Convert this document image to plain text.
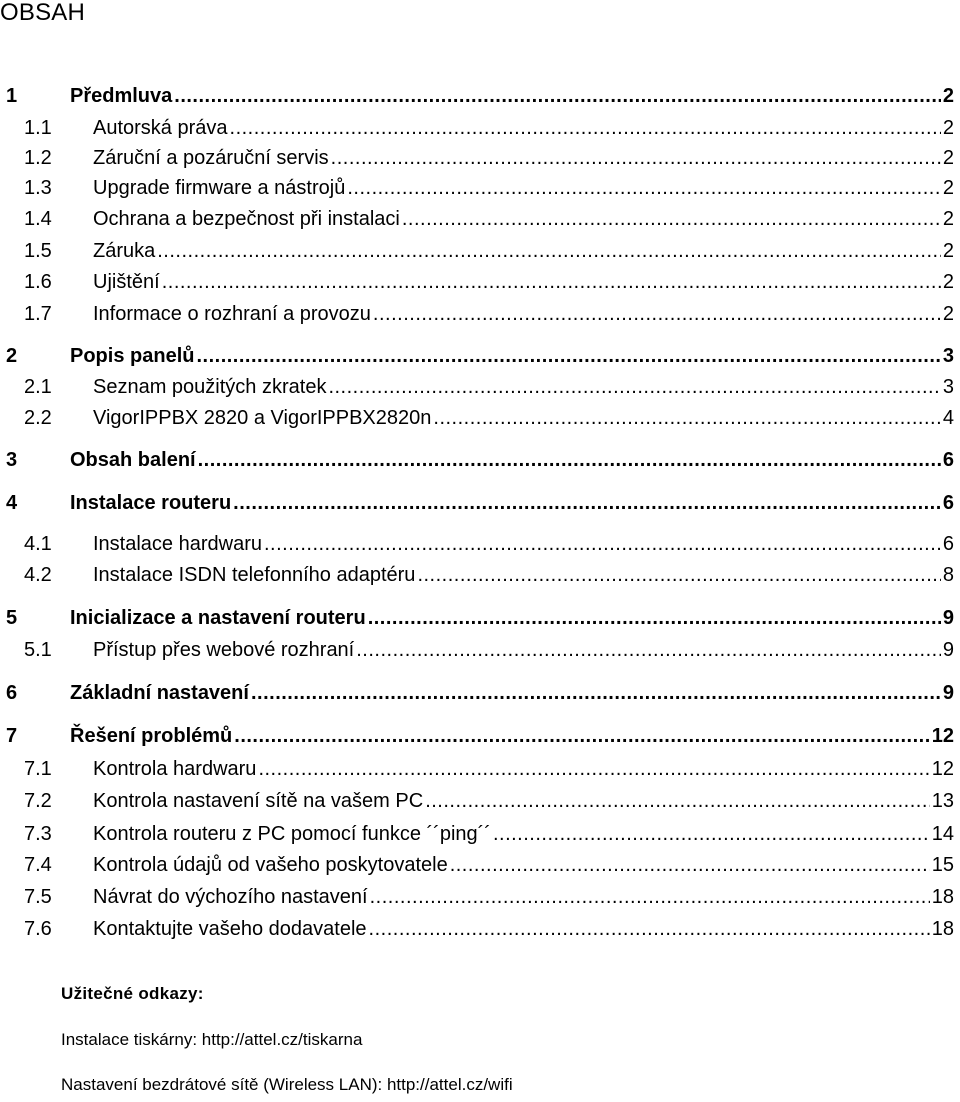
OBSAH
1	Předmluva .....	2
1.1 Autorská práva .....	2
1.2 Záruční a pozáruční servis .....	2
1.3 Upgrade firmware a nástrojů .....	2
1.4 Ochrana a bezpečnost při instalaci .....	2
1.5 Záruka .....	2
1.6 Ujištění .....	2
1.7 Informace o rozhraní a provozu .....	2
2	Popis panelů .....	3
2.1 Seznam použitých zkratek .....	3
2.2 VigorIPPBX 2820 a VigorIPPBX2820n .....	4
3	Obsah balení .....	6
4	Instalace routeru .....	6
4.1 Instalace hardwaru .....	6
4.2 Instalace ISDN telefonního adaptéru .....	8
5	Inicializace a nastavení routeru .....	9
5.1 Přístup přes webové rozhraní .....	9
6	Základní nastavení .....	9
7	Řešení problémů .....	12
7.1 Kontrola hardwaru .....	12
7.2 Kontrola nastavení sítě na vašem PC .....	13
7.3 Kontrola routeru z PC pomocí funkce ´´ping´´ .....	14
7.4 Kontrola údajů od vašeho poskytovatele .....	15
7.5 Návrat do výchozího nastavení .....	18
7.6 Kontaktujte vašeho dodavatele .....	18
Užitečné odkazy:
Instalace tiskárny: http://attel.cz/tiskarna
Nastavení bezdrátové sítě (Wireless LAN): http://attel.cz/wifi
